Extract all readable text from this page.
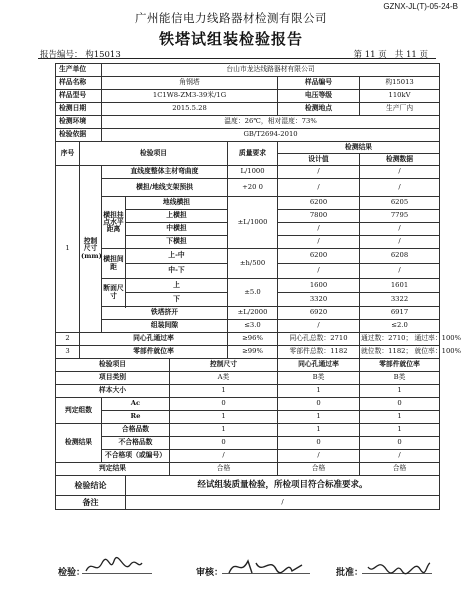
GZNX-JL(T)-05-24-B
广州能信电力线路器材检测有限公司
铁塔试组装检验报告
报告编号： 构15013	第 11 页 共 11 页
生产单位		台山市龙达线路器材有限公司					
样品名称		角钢塔				样品编号	构15013
样品型号		1C1W8-ZM3-39米/1G				电压等级	110kV
检测日期		2015.5.28				检测地点	生产厂内
检测环境		温度：26℃，相对湿度：73%					
检验依据		GB/T2694-2010					
序号	检验项目				质量要求	检测结果	
						设计值	检测数据
1	控制尺寸(mm)	直线度整体主材弯曲度			L/1000	/	/
		横担/地线支架预拱			+20 0	/	/
		横担挂点水平距离	地线横担		±L/1000	6200	6205
			上横担			7800	7795
			中横担			/	/
			下横担			/	/
		横担间距	上-中		±h/500	6200	6208
			中-下			/	/
		断面尺寸	上		±5.0	1600	1601

			下			3320	3322

		铁塔挤开			±L/2000	6920	6917
		组装间隙			≤3.0	/	≤2.0
2	同心孔通过率				≥96%	同心孔总数：2710	通过数：2710； 通过率：100%
3	零部件就位率				≥99%	零部件总数：1182	就位数：1182； 就位率：100%
检验项目				控制尺寸		同心孔通过率	零部件就位率
项目类别				A类		B类	B类
样本大小				1		1	1
判定组数		Ac		0		0	0
		Re		1		1	1
检测结果		合格品数		1		1	1
		不合格品数		0		0	0
		不合格项（或编号）		/		/	/
判定结果				合格		合格	合格
检验结论			经试组装质量检验，所检项目符合标准要求。				
备注			/				
检验：	审核：	批准：
